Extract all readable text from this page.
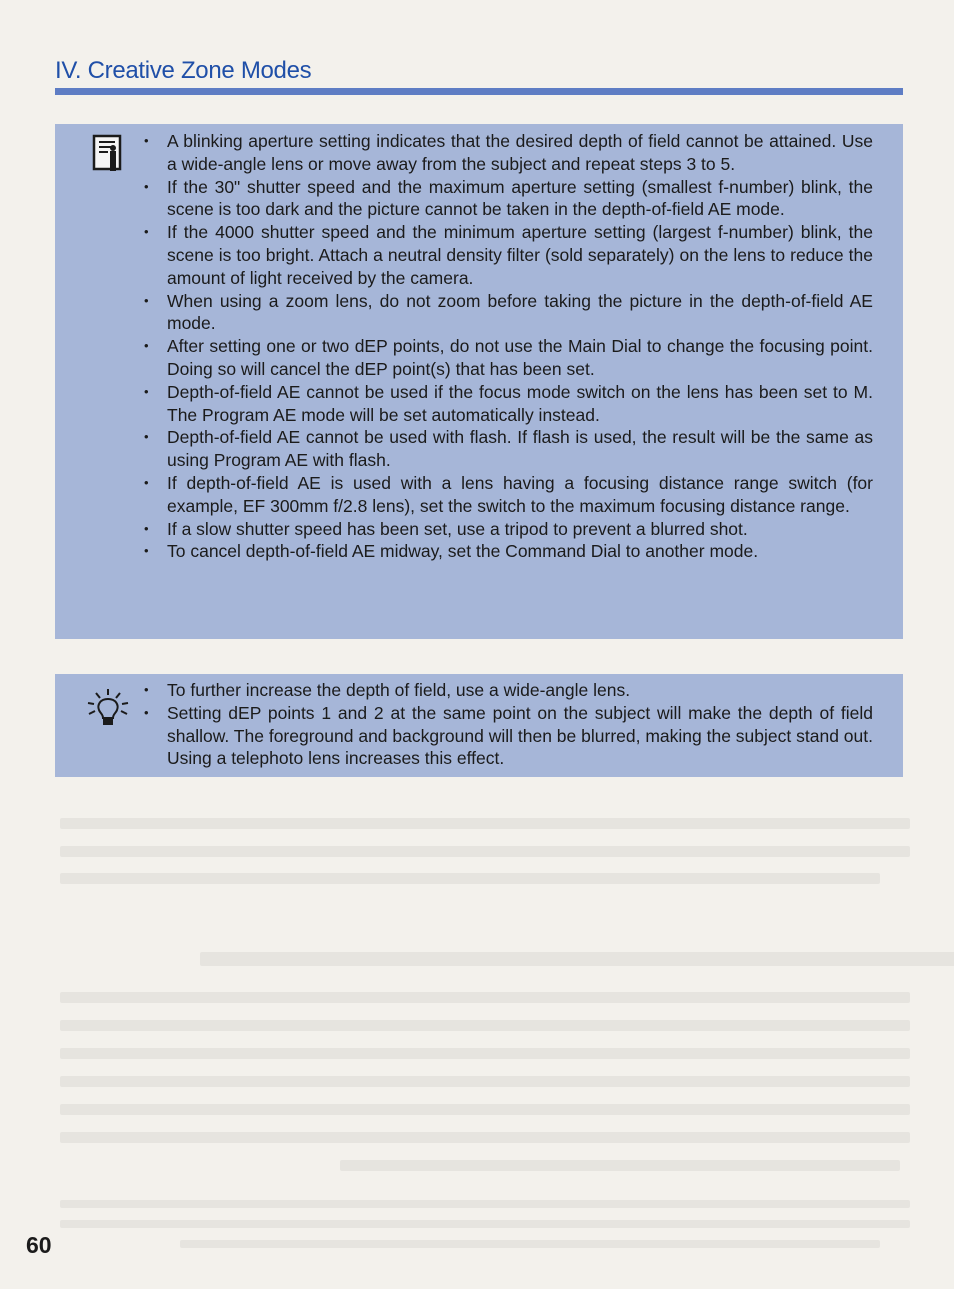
IV. Creative Zone Modes
• A blinking aperture setting indicates that the desired depth of field cannot be attained. Use a wide-angle lens or move away from the subject and repeat steps 3 to 5.
• If the 30" shutter speed and the maximum aperture setting (smallest f-number) blink, the scene is too dark and the picture cannot be taken in the depth-of-field AE mode.
• If the 4000 shutter speed and the minimum aperture setting (largest f-number) blink, the scene is too bright. Attach a neutral density filter (sold separately) on the lens to reduce the amount of light received by the camera.
• When using a zoom lens, do not zoom before taking the picture in the depth-of-field AE mode.
• After setting one or two dEP points, do not use the Main Dial to change the focusing point. Doing so will cancel the dEP point(s) that has been set.
• Depth-of-field AE cannot be used if the focus mode switch on the lens has been set to M. The Program AE mode will be set automatically instead.
• Depth-of-field AE cannot be used with flash. If flash is used, the result will be the same as using Program AE with flash.
• If depth-of-field AE is used with a lens having a focusing distance range switch (for example, EF 300mm f/2.8 lens), set the switch to the maximum focusing distance range.
• If a slow shutter speed has been set, use a tripod to prevent a blurred shot.
• To cancel depth-of-field AE midway, set the Command Dial to another mode.
• To further increase the depth of field, use a wide-angle lens.
• Setting dEP points 1 and 2 at the same point on the subject will make the depth of field shallow. The foreground and background will then be blurred, making the subject stand out. Using a telephoto lens increases this effect.
60
